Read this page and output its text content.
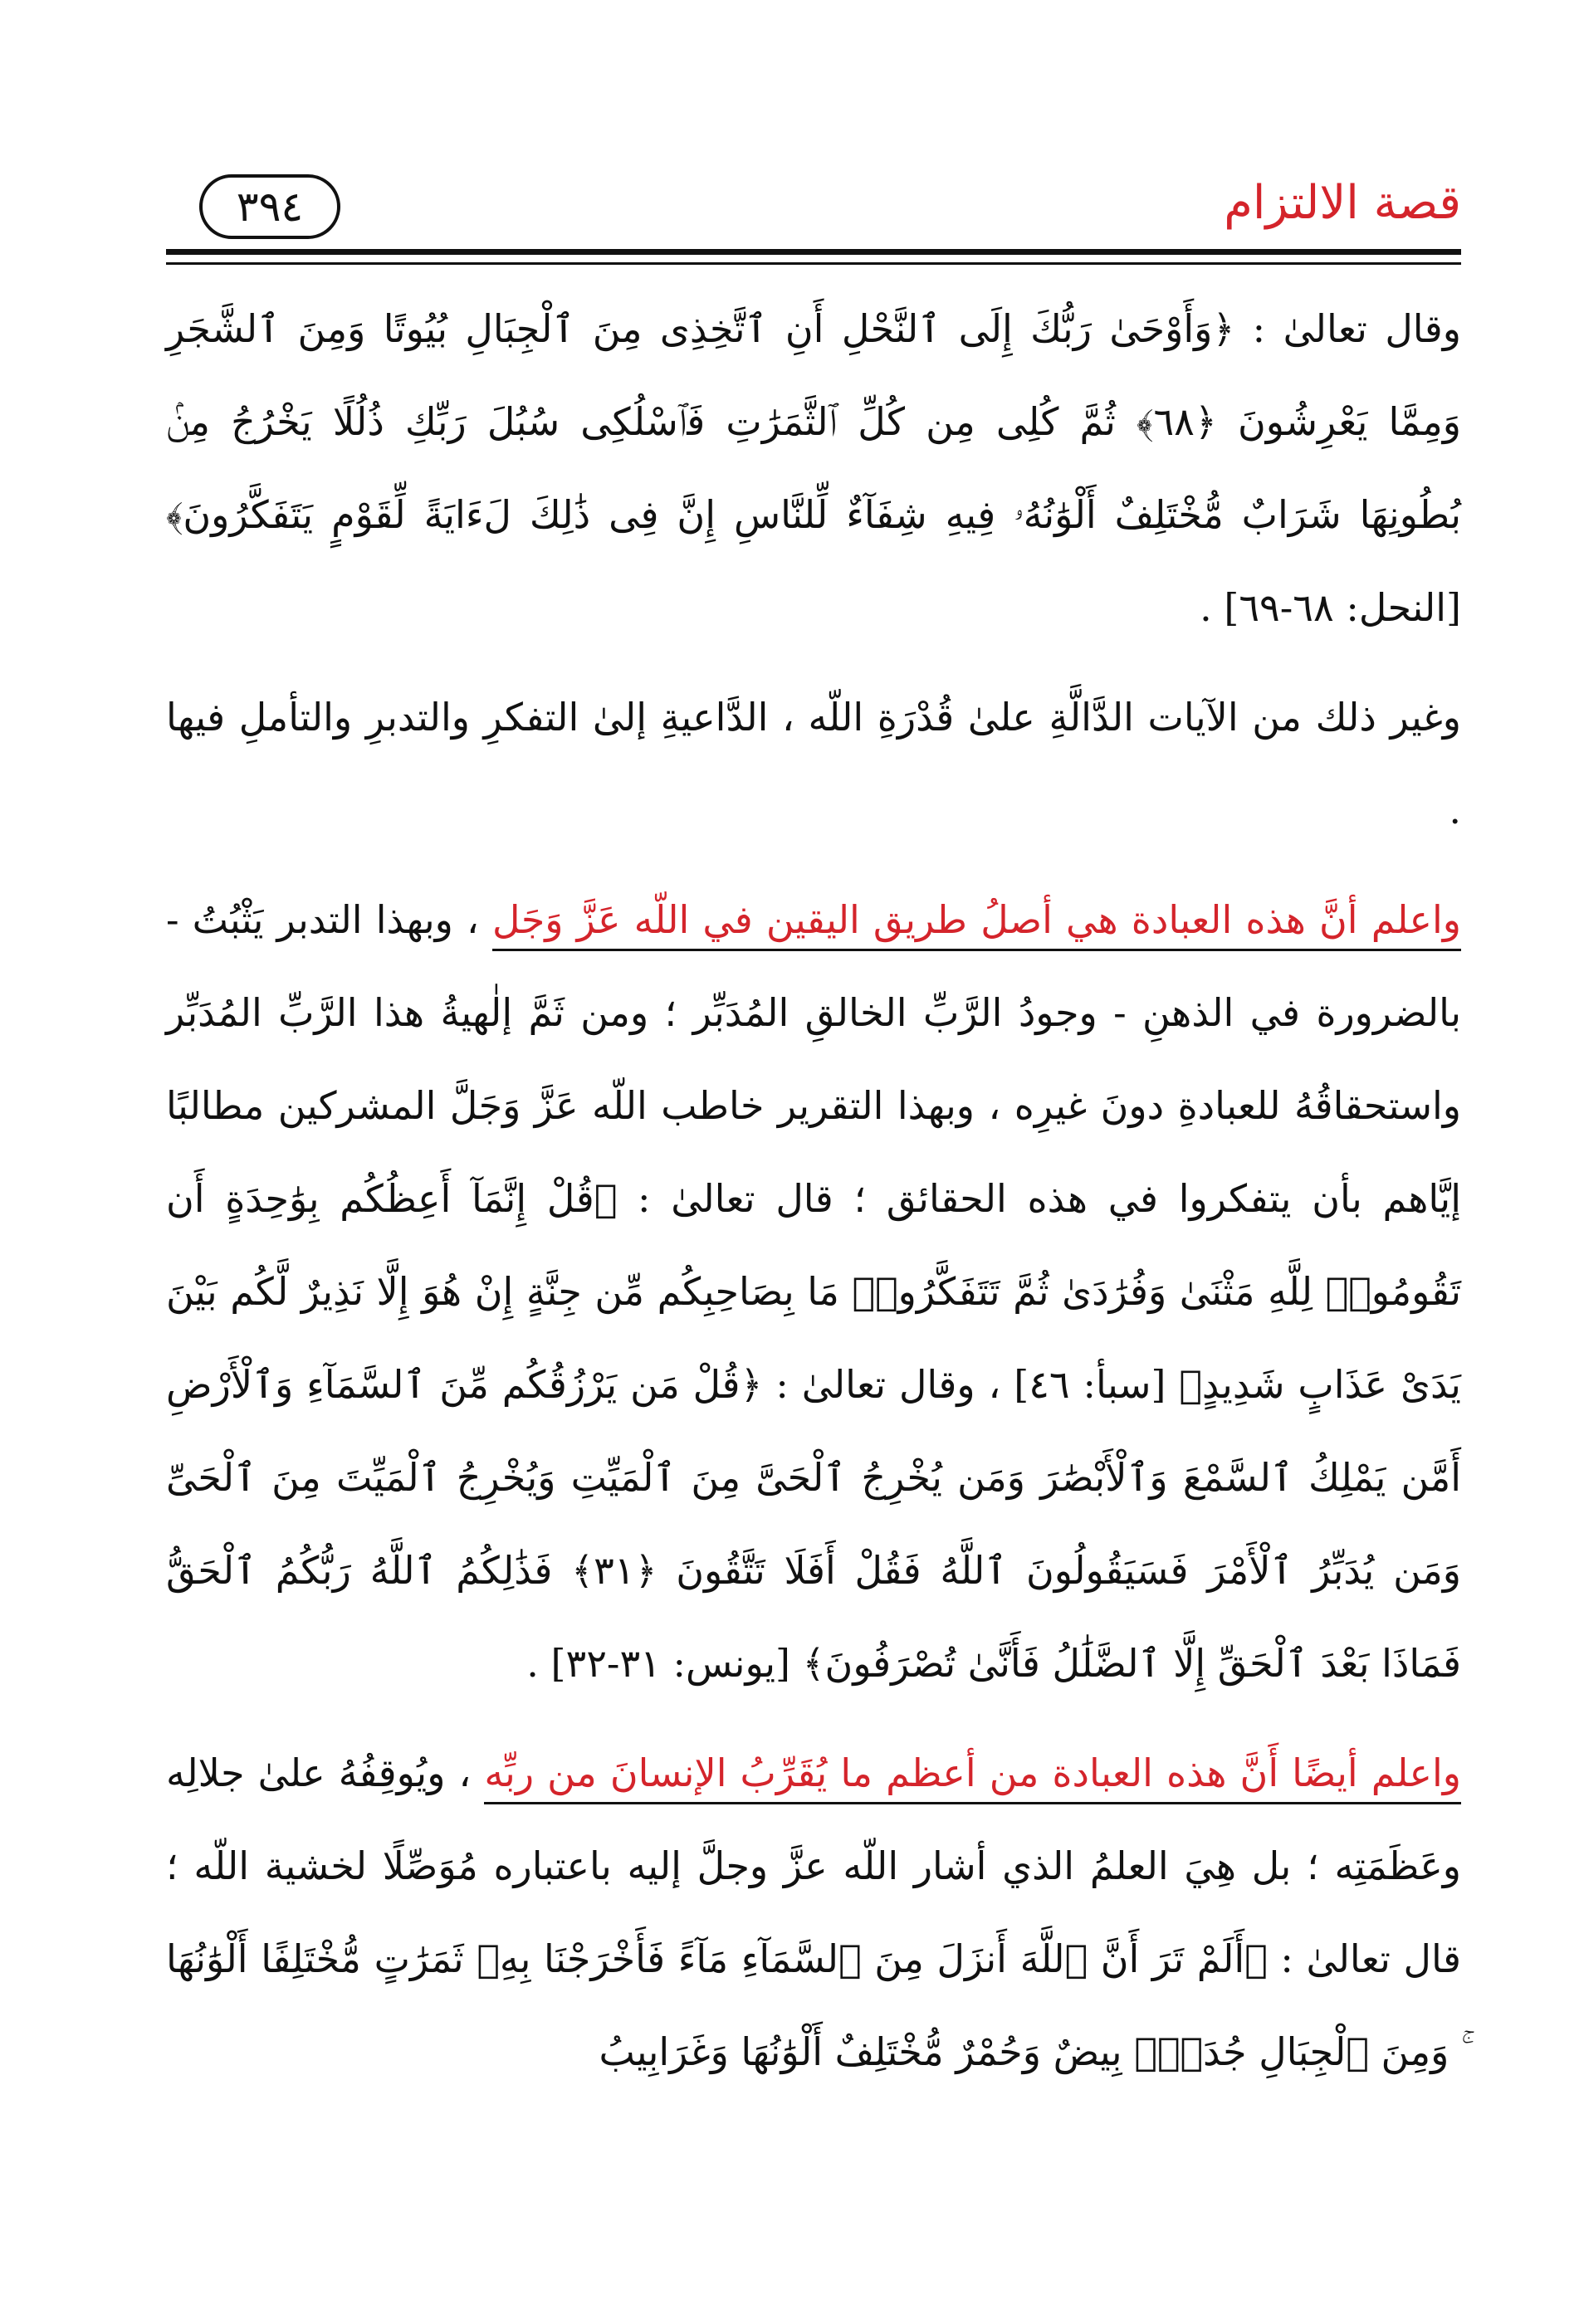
قصة الالتزام
٣٩٤

وقال تعالىٰ : ﴿وَأَوْحَىٰ رَبُّكَ إِلَى ٱلنَّحْلِ أَنِ ٱتَّخِذِى مِنَ ٱلْجِبَالِ بُيُوتًا وَمِنَ ٱلشَّجَرِ وَمِمَّا يَعْرِشُونَ ﴿٦٨﴾ ثُمَّ كُلِى مِن كُلِّ ٱلثَّمَرَٰتِ فَٱسْلُكِى سُبُلَ رَبِّكِ ذُلُلًا يَخْرُجُ مِنۢ بُطُونِهَا شَرَابٌ مُّخْتَلِفٌ أَلْوَٰنُهُۥ فِيهِ شِفَآءٌ لِّلنَّاسِ إِنَّ فِى ذَٰلِكَ لَءَايَةً لِّقَوْمٍ يَتَفَكَّرُونَ﴾ [النحل: ٦٨-٦٩] .

وغير ذلك من الآيات الدَّالَّةِ علىٰ قُدْرَةِ اللّه ، الدَّاعيةِ إلىٰ التفكرِ والتدبرِ والتأملِ فيها .

واعلم أنَّ هذه العبادة هي أصلُ طريق اليقين في اللّه عَزَّ وَجَل ، وبهذا التدبر يَثْبُتُ - بالضرورة في الذهنِ - وجودُ الرَّبِّ الخالقِ المُدَبِّر ؛ ومن ثَمَّ إلٰهيةُ هذا الرَّبِّ المُدَبِّر واستحقاقُهُ للعبادةِ دونَ غيرِه ، وبهذا التقرير خاطب اللّه عَزَّ وَجَلَّ المشركين مطالبًا إيَّاهم بأن يتفكروا في هذه الحقائق ؛ قال تعالىٰ : ﴿قُلْ إِنَّمَآ أَعِظُكُم بِوَٰحِدَةٍ أَن تَقُومُوا۟ لِلَّهِ مَثْنَىٰ وَفُرَٰدَىٰ ثُمَّ تَتَفَكَّرُوا۟ مَا بِصَاحِبِكُم مِّن جِنَّةٍ إِنْ هُوَ إِلَّا نَذِيرٌ لَّكُم بَيْنَ يَدَىْ عَذَابٍ شَدِيدٍ﴾ [سبأ: ٤٦] ، وقال تعالىٰ : ﴿قُلْ مَن يَرْزُقُكُم مِّنَ ٱلسَّمَآءِ وَٱلْأَرْضِ أَمَّن يَمْلِكُ ٱلسَّمْعَ وَٱلْأَبْصَٰرَ وَمَن يُخْرِجُ ٱلْحَىَّ مِنَ ٱلْمَيِّتِ وَيُخْرِجُ ٱلْمَيِّتَ مِنَ ٱلْحَىِّ وَمَن يُدَبِّرُ ٱلْأَمْرَ فَسَيَقُولُونَ ٱللَّهُ فَقُلْ أَفَلَا تَتَّقُونَ ﴿٣١﴾ فَذَٰلِكُمُ ٱللَّهُ رَبُّكُمُ ٱلْحَقُّ فَمَاذَا بَعْدَ ٱلْحَقِّ إِلَّا ٱلضَّلَٰلُ فَأَنَّىٰ تُصْرَفُونَ﴾ [يونس: ٣١-٣٢] .

واعلم أيضًا أَنَّ هذه العبادة من أعظم ما يُقَرِّبُ الإنسانَ من ربِّه ، ويُوقِفُهُ علىٰ جلالِه وعَظَمَتِه ؛ بل هِيَ العلمُ الذي أشار اللّه عزَّ وجلَّ إليه باعتباره مُوَصِّلًا لخشية اللّه ؛ قال تعالىٰ : ﴿أَلَمْ تَرَ أَنَّ ٱللَّهَ أَنزَلَ مِنَ ٱلسَّمَآءِ مَآءً فَأَخْرَجْنَا بِهِۦ ثَمَرَٰتٍ مُّخْتَلِفًا أَلْوَٰنُهَا ۚ وَمِنَ ٱلْجِبَالِ جُدَدٌۢ بِيضٌ وَحُمْرٌ مُّخْتَلِفٌ أَلْوَٰنُهَا وَغَرَابِيبُ
